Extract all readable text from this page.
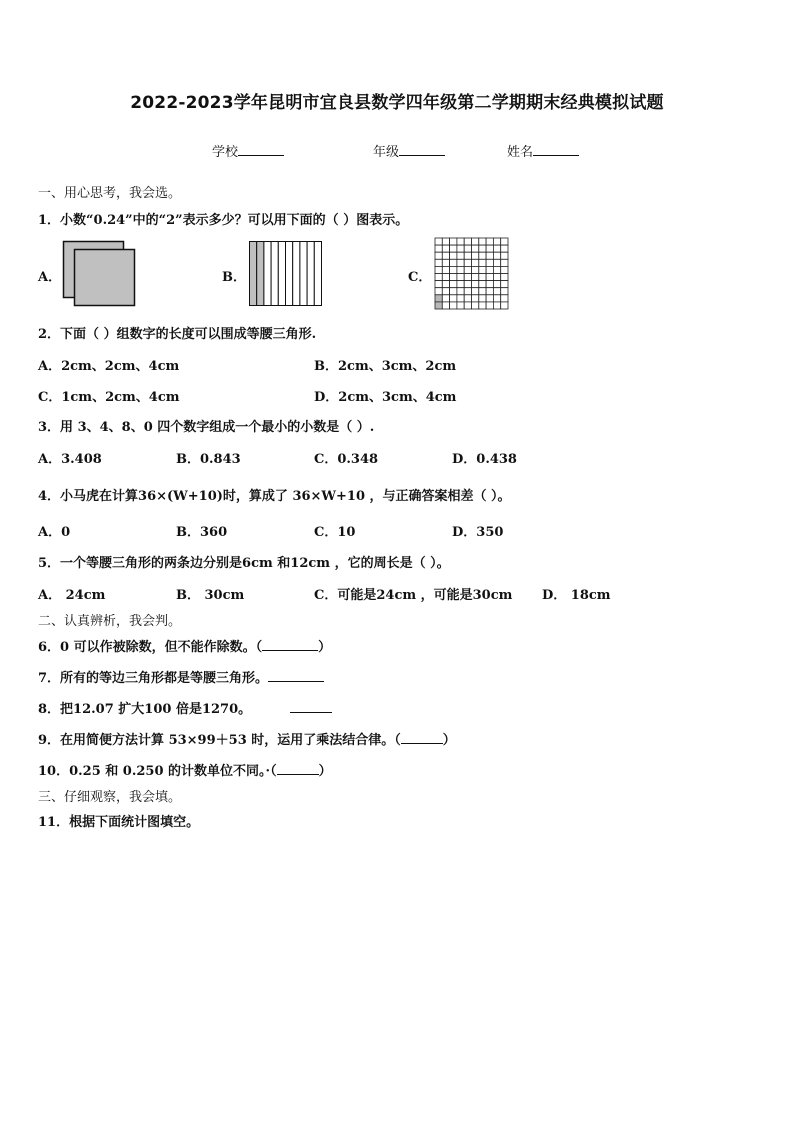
2022-2023学年昆明市宜良县数学四年级第二学期期末经典模拟试题
学校	年级	姓名
一、用心思考，我会选。
1．小数“0.24”中的“2”表示多少？可以用下面的（ ）图表示。
A．	B．	C．
2．下面（ ）组数字的长度可以围成等腰三角形.
A．2cm、2cm、4cm	B．2cm、3cm、2cm
C．1cm、2cm、4cm	D．2cm、3cm、4cm
3．用 3、4、8、0 四个数字组成一个最小的小数是（ ）.
A．3.408	B．0.843	C．0.348	D．0.438
4．小马虎在计算36×(W+10)时，算成了 36×W+10 ，与正确答案相差（ ）。
A．0	B．360	C．10	D．350
5．一个等腰三角形的两条边分别是6cm 和12cm ，它的周长是（ ）。
A． 24cm	B． 30cm	C．可能是24cm ，可能是30cm D． 18cm
二、认真辨析，我会判。
6．0 可以作被除数，但不能作除数。（	）
7．所有的等边三角形都是等腰三角形。
8．把12.07 扩大100 倍是1270。
9．在用简便方法计算 53×99＋53 时，运用了乘法结合律。（	）
10．0.25 和 0.250 的计数单位不同。·（	）
三、仔细观察，我会填。
11．根据下面统计图填空。
